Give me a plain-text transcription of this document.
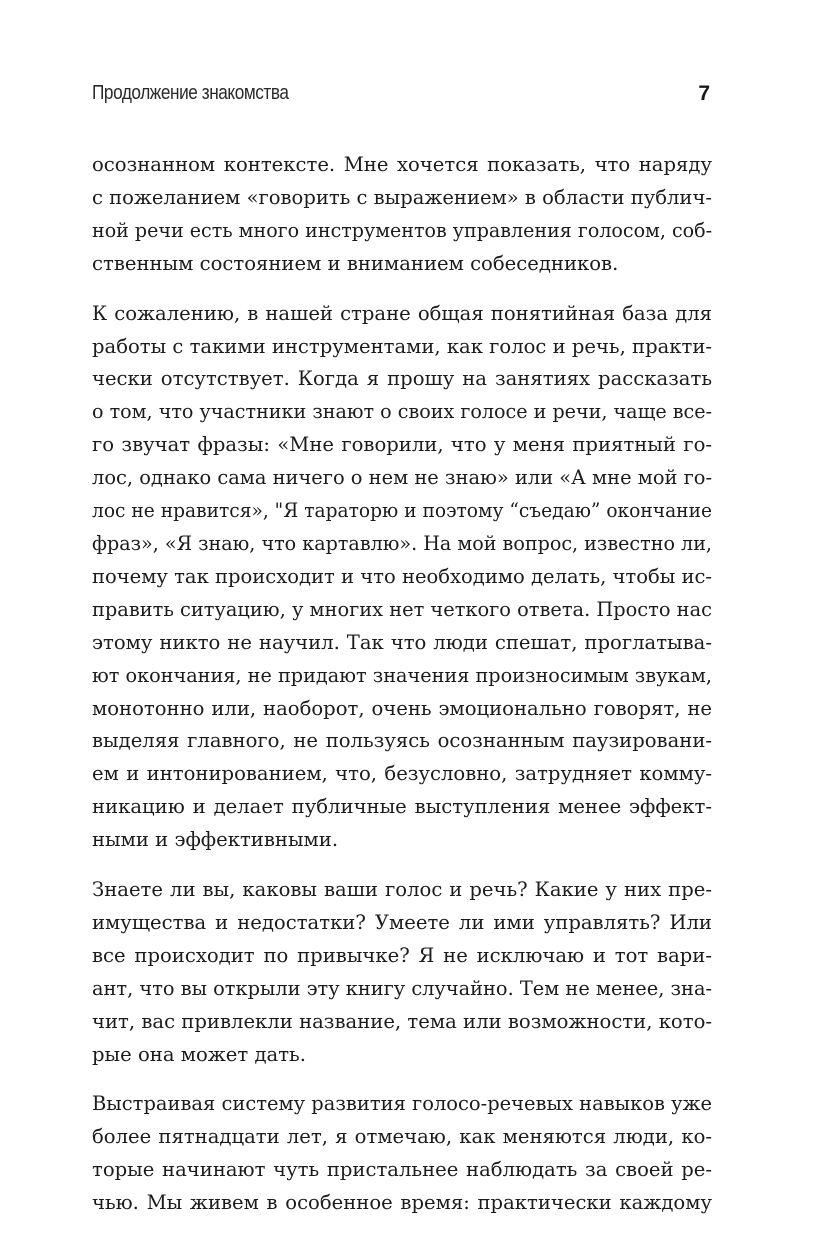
Продолжение знакомства	7

осознанном контексте. Мне хочется показать, что наряду
с пожеланием «говорить с выражением» в области публич-
ной речи есть много инструментов управления голосом, соб-
ственным состоянием и вниманием собеседников.

К сожалению, в нашей стране общая понятийная база для
работы с такими инструментами, как голос и речь, практи-
чески отсутствует. Когда я прошу на занятиях рассказать
о том, что участники знают о своих голосе и речи, чаще все-
го звучат фразы: «Мне говорили, что у меня приятный го-
лос, однако сама ничего о нем не знаю» или «А мне мой го-
лос не нравится», "Я тараторю и поэтому “съедаю” окончание
фраз», «Я знаю, что картавлю». На мой вопрос, известно ли,
почему так происходит и что необходимо делать, чтобы ис-
править ситуацию, у многих нет четкого ответа. Просто нас
этому никто не научил. Так что люди спешат, проглатыва-
ют окончания, не придают значения произносимым звукам,
монотонно или, наоборот, очень эмоционально говорят, не
выделяя главного, не пользуясь осознанным паузировани-
ем и интонированием, что, безусловно, затрудняет комму-
никацию и делает публичные выступления менее эффект-
ными и эффективными.

Знаете ли вы, каковы ваши голос и речь? Какие у них пре-
имущества и недостатки? Умеете ли ими управлять? Или
все происходит по привычке? Я не исключаю и тот вари-
ант, что вы открыли эту книгу случайно. Тем не менее, зна-
чит, вас привлекли название, тема или возможности, кото-
рые она может дать.

Выстраивая систему развития голосо-речевых навыков уже
более пятнадцати лет, я отмечаю, как меняются люди, ко-
торые начинают чуть пристальнее наблюдать за своей ре-
чью. Мы живем в особенное время: практически каждому
